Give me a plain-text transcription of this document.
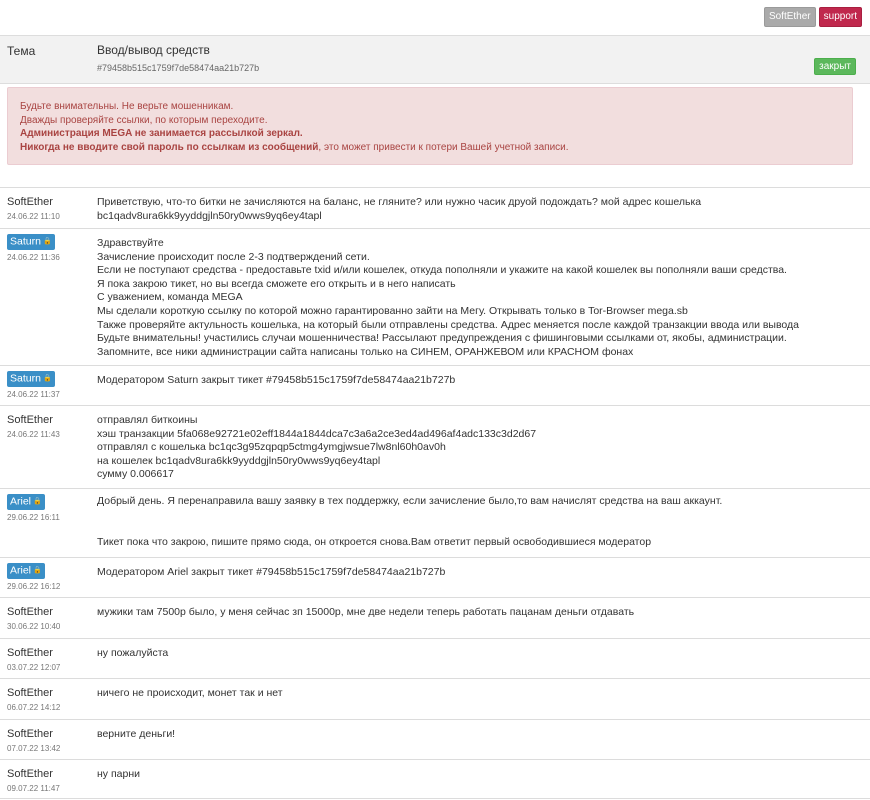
SoftEther	support
Тема	Ввод/вывод средств
#79458b515c1759f7de58474aa21b727b	закрыт
Будьте внимательны. Не верьте мошенникам.
Дважды проверяйте ссылки, по которым переходите.
Администрация MEGA не занимается рассылкой зеркал.
Никогда не вводите свой пароль по ссылкам из сообщений, это может привести к потери Вашей учетной записи.
SoftEther
24.06.22 11:10
Приветствую, что-то битки не зачисляются на баланс, не гляните? или нужно часик друой подождать? мой адрес кошелька
bc1qadv8ura6kk9yyddgjln50ry0wws9yq6ey4tapl
Saturn 🔒
24.06.22 11:36
Здравствуйте
Зачисление происходит после 2-3 подтверждений сети.
Если не поступают средства - предоставьте txid и/или кошелек, откуда пополняли и укажите на какой кошелек вы пополняли ваши средства.
Я пока закрою тикет, но вы всегда сможете его открыть и в него написать
С уважением, команда MEGA
Мы сделали короткую ссылку по которой можно гарантированно зайти на Мегу. Открывать только в Tor-Browser mega.sb
Также проверяйте актульность кошелька, на который были отправлены средства. Адрес меняется после каждой транзакции ввода или вывода
Будьте внимательны! участились случаи мошенничества! Рассылают предупреждения с фишинговыми ссылками от, якобы, администрации.
Запомните, все ники администрации сайта написаны только на СИНЕМ, ОРАНЖЕВОМ или КРАСНОМ фонах
Saturn 🔒
24.06.22 11:37
Модератором Saturn закрыт тикет #79458b515c1759f7de58474aa21b727b
SoftEther
24.06.22 11:43
отправлял биткоины
хэш транзакции 5fa068e92721e02eff1844a1844dca7c3a6a2ce3ed4ad496af4adc133c3d2d67
отправлял с кошелька bc1qc3g95zqpqp5ctmg4ymgjwsue7lw8nl60h0av0h
на кошелек bc1qadv8ura6kk9yyddgjln50ry0wws9yq6ey4tapl
сумму 0.006617
Ariel 🔒
29.06.22 16:11
Добрый день. Я перенаправила вашу заявку в тех поддержку, если зачисление было,то вам начислят средства на ваш аккаунт.

Тикет пока что закрою, пишите прямо сюда, он откроется снова.Вам ответит первый освободившиеся модератор
Ariel 🔒
29.06.22 16:12
Модератором Ariel закрыт тикет #79458b515c1759f7de58474aa21b727b
SoftEther
30.06.22 10:40
мужики там 7500р было, у меня сейчас зп 15000р, мне две недели теперь работать пацанам деньги отдавать
SoftEther
03.07.22 12:07
ну пожалуйста
SoftEther
06.07.22 14:12
ничего не происходит, монет так и нет
SoftEther
07.07.22 13:42
верните деньги!
SoftEther
09.07.22 11:47
ну парни
